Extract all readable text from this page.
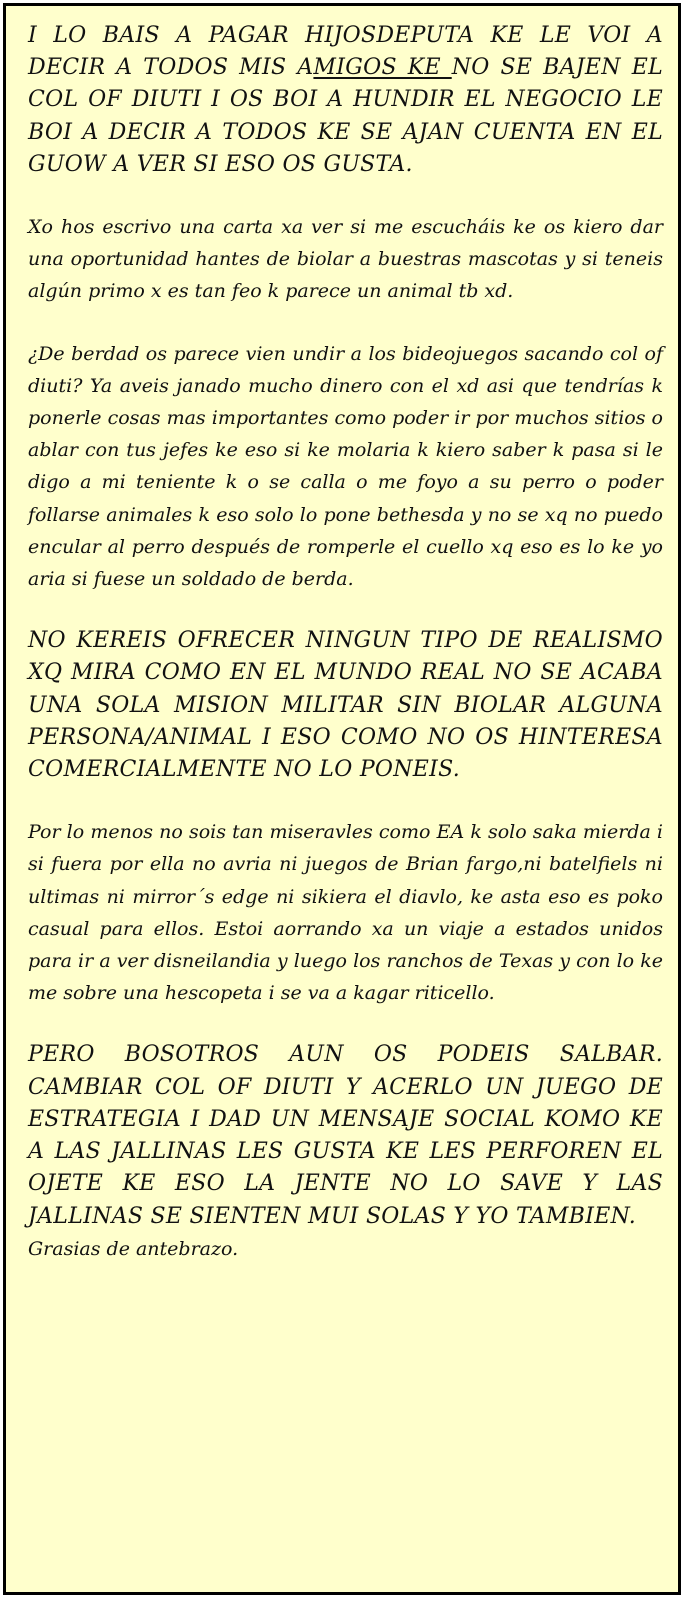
I LO BAIS A PAGAR HIJOSDEPUTA KE LE VOI A DECIR A TODOS MIS AMIGOS KE NO SE BAJEN EL COL OF DIUTI I OS BOI A HUNDIR EL NEGOCIO LE BOI A DECIR A TODOS KE SE AJAN CUENTA EN EL GUOW A VER SI ESO OS GUSTA.

Xo hos escrivo una carta xa ver si me escucháis ke os kiero dar una oportunidad hantes de biolar a buestras mascotas y si teneis algún primo x es tan feo k parece un animal tb xd.

¿De berdad os parece vien undir a los bideojuegos sacando col of diuti? Ya aveis janado mucho dinero con el xd asi que tendrías k ponerle cosas mas importantes como poder ir por muchos sitios o ablar con tus jefes ke eso si ke molaria k kiero saber k pasa si le digo a mi teniente k o se calla o me foyo a su perro o poder follarse animales k eso solo lo pone bethesda y no se xq no puedo encular al perro después de romperle el cuello xq eso es lo ke yo aria si fuese un soldado de berda.

NO KEREIS OFRECER NINGUN TIPO DE REALISMO XQ MIRA COMO EN EL MUNDO REAL NO SE ACABA UNA SOLA MISION MILITAR SIN BIOLAR ALGUNA PERSONA/ANIMAL I ESO COMO NO OS HINTERESA COMERCIALMENTE NO LO PONEIS.

Por lo menos no sois tan miseravles como EA k solo saka mierda i si fuera por ella no avria ni juegos de Brian fargo,ni batelfiels ni ultimas ni mirror´s edge ni sikiera el diavlo, ke asta eso es poko casual para ellos. Estoi aorrando xa un viaje a estados unidos para ir a ver disneilandia y luego los ranchos de Texas y con lo ke me sobre una hescopeta i se va a kagar riticello.

PERO BOSOTROS AUN OS PODEIS SALBAR. CAMBIAR COL OF DIUTI Y ACERLO UN JUEGO DE ESTRATEGIA I DAD UN MENSAJE SOCIAL KOMO KE A LAS JALLINAS LES GUSTA KE LES PERFOREN EL OJETE KE ESO LA JENTE NO LO SAVE Y LAS JALLINAS SE SIENTEN MUI SOLAS Y YO TAMBIEN.

Grasias de antebrazo.
